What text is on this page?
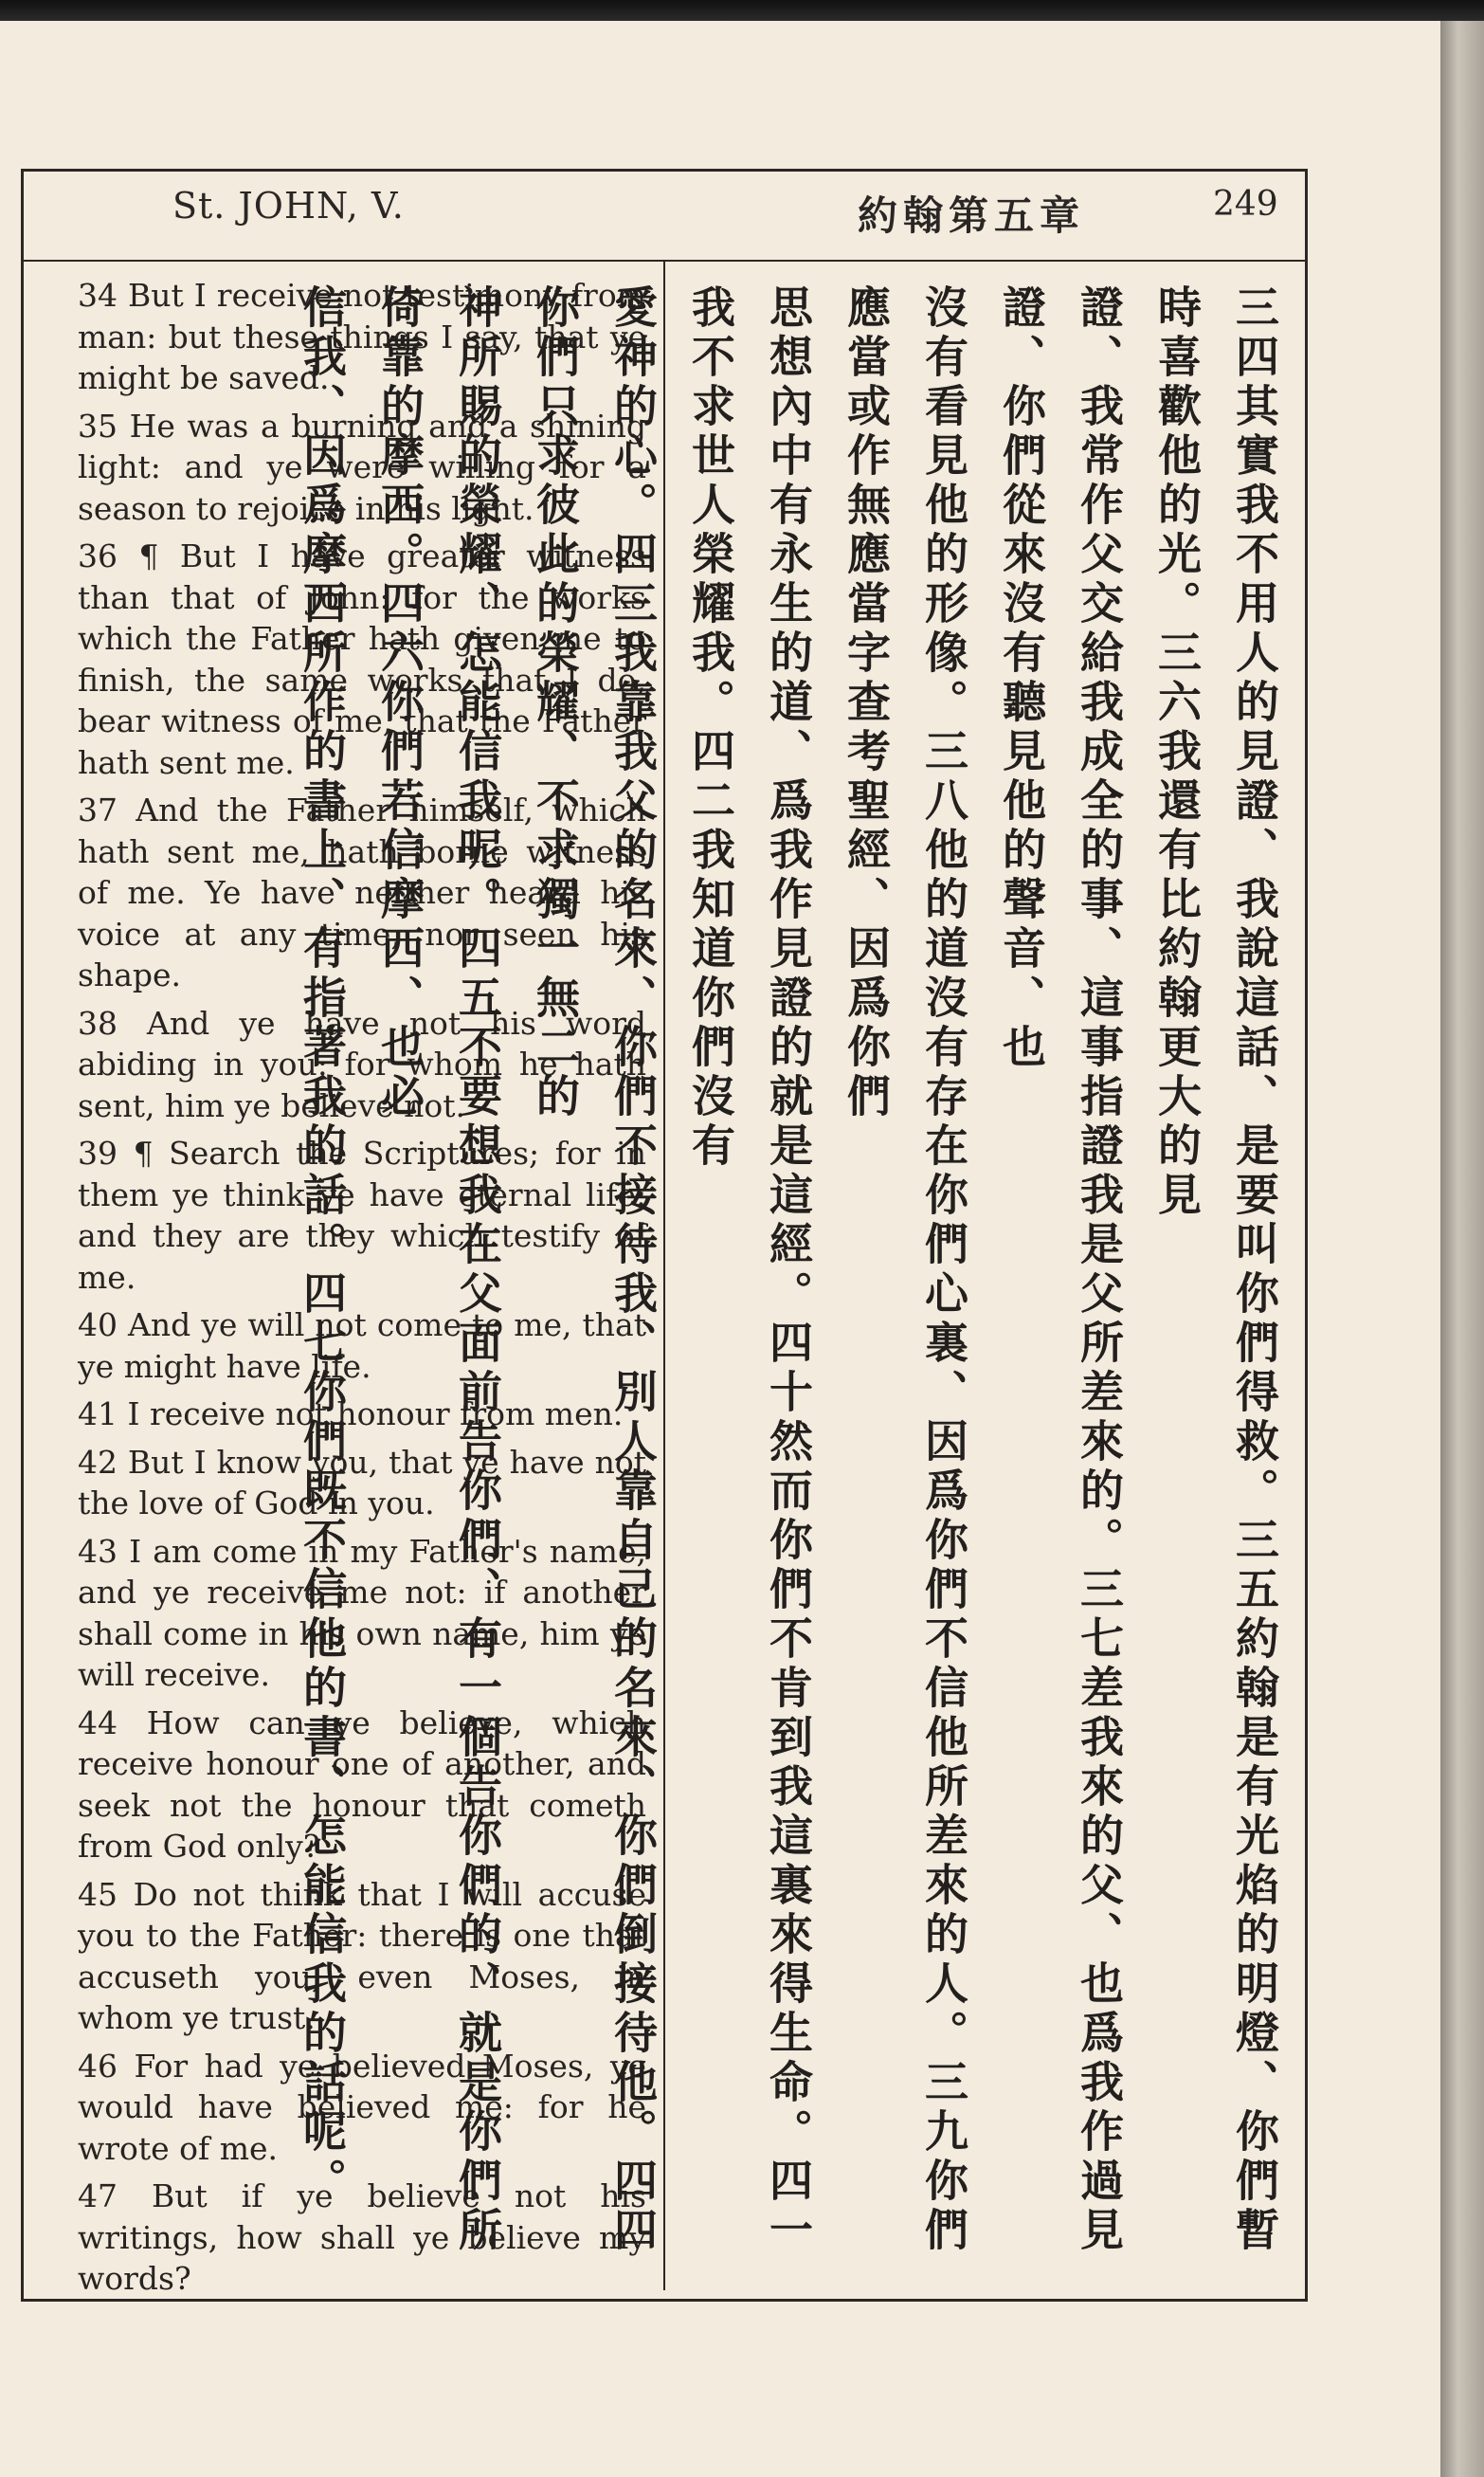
St. JOHN, V.	約翰第五章	249

34 But I receive not testimony from man: but these things I say, that ye might be saved.

35 He was a burning and a shining light: and ye were willing for a season to rejoice in his light.

36 ¶ But I have greater witness than that of John: for the works which the Father hath given me to finish, the same works that I do, bear witness of me, that the Father hath sent me.

37 And the Father himself, which hath sent me, hath borne witness of me. Ye have neither heard his voice at any time, nor seen his shape.

38 And ye have not his word abiding in you: for whom he hath sent, him ye believe not.

39 ¶ Search the Scriptures; for in them ye think ye have eternal life: and they are they which testify of me.

40 And ye will not come to me, that ye might have life.

41 I receive not honour from men.

42 But I know you, that ye have not the love of God in you.

43 I am come in my Father's name, and ye receive me not: if another shall come in his own name, him ye will receive.

44 How can ye believe, which receive honour one of another, and seek not the honour that cometh from God only?

45 Do not think that I will accuse you to the Father: there is one that accuseth you, even Moses, in whom ye trust.

46 For had ye believed Moses, ye would have believed me: for he wrote of me.

47 But if ye believe not his writings, how shall ye believe my words?

三四其實我不用人的見證、我說這話、是要叫你們得救。三五約翰是有光焰的明燈、你們暫時喜歡他的光。三六我還有比約翰更大的見
證、我常作父交給我成全的事、這事指證我是父所差來的。三七差我來的父、也爲我作過見證、你們從來沒有聽見他的聲音、也
沒有看見他的形像。三八他的道沒有存在你們心裏、因爲你們不信他所差來的人。三九你們應當或作無應當字查考聖經、因爲你們
思想內中有永生的道、爲我作見證的就是這經。四十然而你們不肯到我這裏來得生命。四一我不求世人榮耀我。四二我知道你們沒有
愛神的心。四三我靠我父的名來、你們不接待我、別人靠自己的名來、你們倒接待他。四四你們只求彼此的榮耀、不求獨一無二的
神所賜的榮耀、怎能信我呢。四五不要想我在父面前告你們、有一個告你們的、就是你們所倚靠的摩西。四六你們若信摩西、也必
信我、因爲摩西所作的書上、有指著我的話。四七你們既不信他的書、怎能信我的話呢。
